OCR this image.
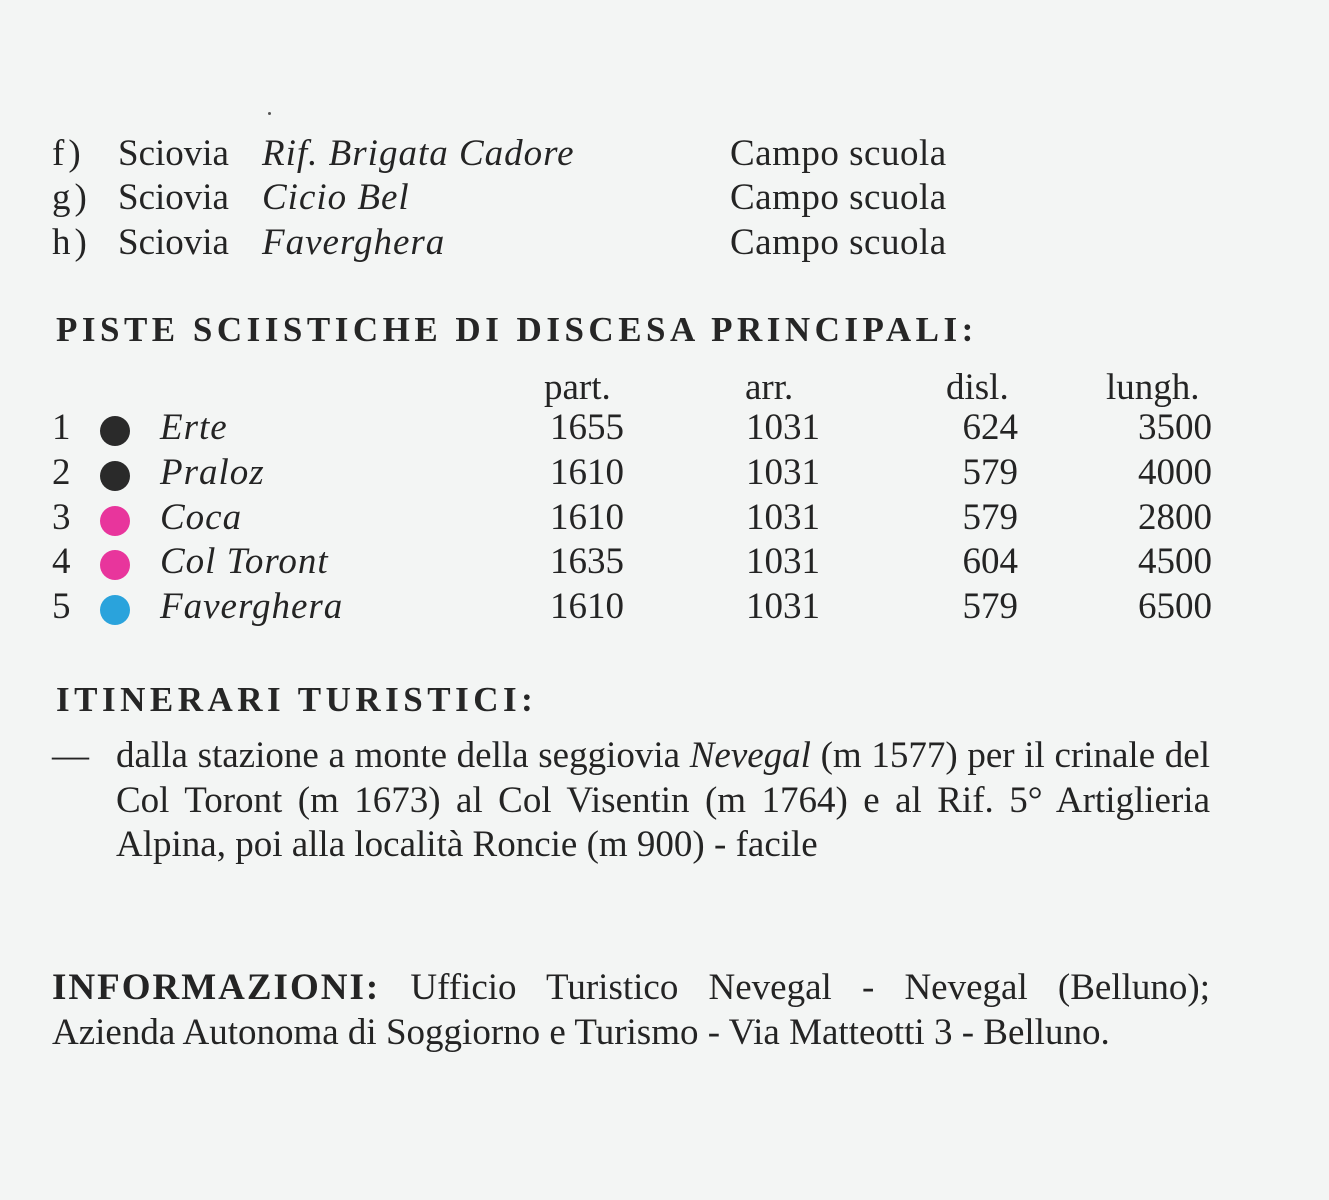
f) Sciovia Rif. Brigata Cadore	Campo scuola
g) Sciovia Cicio Bel	Campo scuola
h) Sciovia Faverghera	Campo scuola
PISTE SCIISTICHE DI DISCESA PRINCIPALI:
part.	arr.	disl.	lungh.
1 Erte	1655	1031	624	3500
2 Praloz	1610	1031	579	4000
3 Coca	1610	1031	579	2800
4 Col Toront	1635	1031	604	4500
5 Faverghera	1610	1031	579	6500
ITINERARI TURISTICI:
— dalla stazione a monte della seggiovia Nevegal (m 1577) per il crinale del Col Toront (m 1673) al Col Visentin (m 1764) e al Rif. 5° Artiglieria Alpina, poi alla località Roncie (m 900) - facile
INFORMAZIONI: Ufficio Turistico Nevegal - Nevegal (Belluno); Azienda Autonoma di Soggiorno e Turismo - Via Matteotti 3 - Belluno.
